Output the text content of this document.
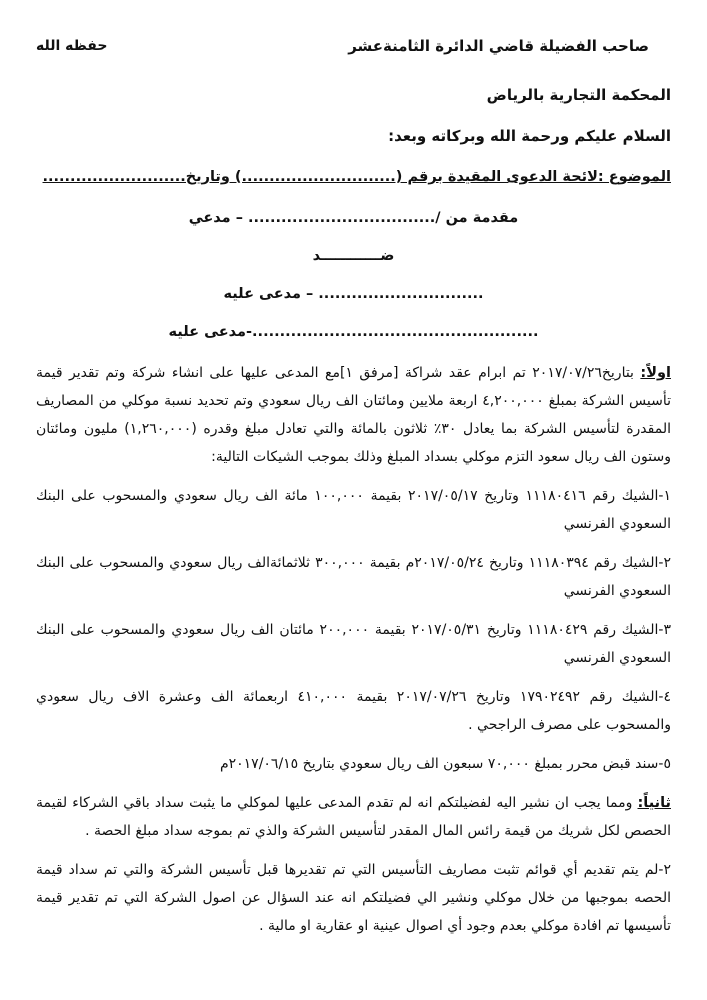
صاحب الفضيلة قاضي الدائرة الثامنةعشر
حفظه الله
المحكمة التجارية بالرياض
السلام عليكم ورحمة الله وبركاته وبعد:
الموضوع :لائحة الدعوى المقيدة برقم (............................) وتاريخ..........................
مقدمة من /.................................. – مدعي
ضــــــــــــد
.............................. – مدعى عليه
....................................................-مدعى عليه

اولاً: بتاريخ٢٠١٧/٠٧/٢٦ تم ابرام عقد شراكة [مرفق ١]مع المدعى عليها على انشاء شركة وتم تقدير قيمة تأسيس الشركة بمبلغ ٤,٢٠٠,٠٠٠ اربعة ملايين ومائتان الف ريال سعودي وتم تحديد نسبة موكلي من المصاريف المقدرة لتأسيس الشركة بما يعادل ٣٠٪ ثلاثون بالمائة والتي تعادل مبلغ وقدره (١,٢٦٠,٠٠٠) مليون ومائتان وستون الف ريال سعود التزم موكلي بسداد المبلغ وذلك بموجب الشيكات التالية:

١-الشيك رقم ١١١٨٠٤١٦ وتاريخ ٢٠١٧/٠٥/١٧ بقيمة ١٠٠,٠٠٠ مائة الف ريال سعودي والمسحوب على البنك السعودي الفرنسي

٢-الشيك رقم ١١١٨٠٣٩٤ وتاريخ ٢٠١٧/٠٥/٢٤م بقيمة ٣٠٠,٠٠٠ ثلاثمائةالف ريال سعودي والمسحوب على البنك السعودي الفرنسي

٣-الشيك رقم ١١١٨٠٤٢٩ وتاريخ ٢٠١٧/٠٥/٣١ بقيمة ٢٠٠,٠٠٠ مائتان الف ريال سعودي والمسحوب على البنك السعودي الفرنسي

٤-الشيك رقم ١٧٩٠٢٤٩٢ وتاريخ ٢٠١٧/٠٧/٢٦ بقيمة ٤١٠,٠٠٠ اربعمائة الف وعشرة الاف ريال سعودي والمسحوب على مصرف الراجحي .

٥-سند قبض محرر بمبلغ ٧٠,٠٠٠ سبعون الف ريال سعودي بتاريخ ٢٠١٧/٠٦/١٥م

ثانياً: ومما يجب ان نشير اليه لفضيلتكم انه لم تقدم المدعى عليها لموكلي ما يثبت سداد باقي الشركاء لقيمة الحصص لكل شريك من قيمة رائس المال المقدر لتأسيس الشركة والذي تم بموجه سداد مبلغ الحصة .

٢-لم يتم تقديم أي قوائم تثبت مصاريف التأسيس التي تم تقديرها قبل تأسيس الشركة والتي تم سداد قيمة الحصه بموجبها من خلال موكلي ونشير الي فضيلتكم انه عند السؤال عن اصول الشركة التي تم تقدير قيمة تأسيسها تم افادة موكلي بعدم وجود أي اصوال عينية او عقارية او مالية .
